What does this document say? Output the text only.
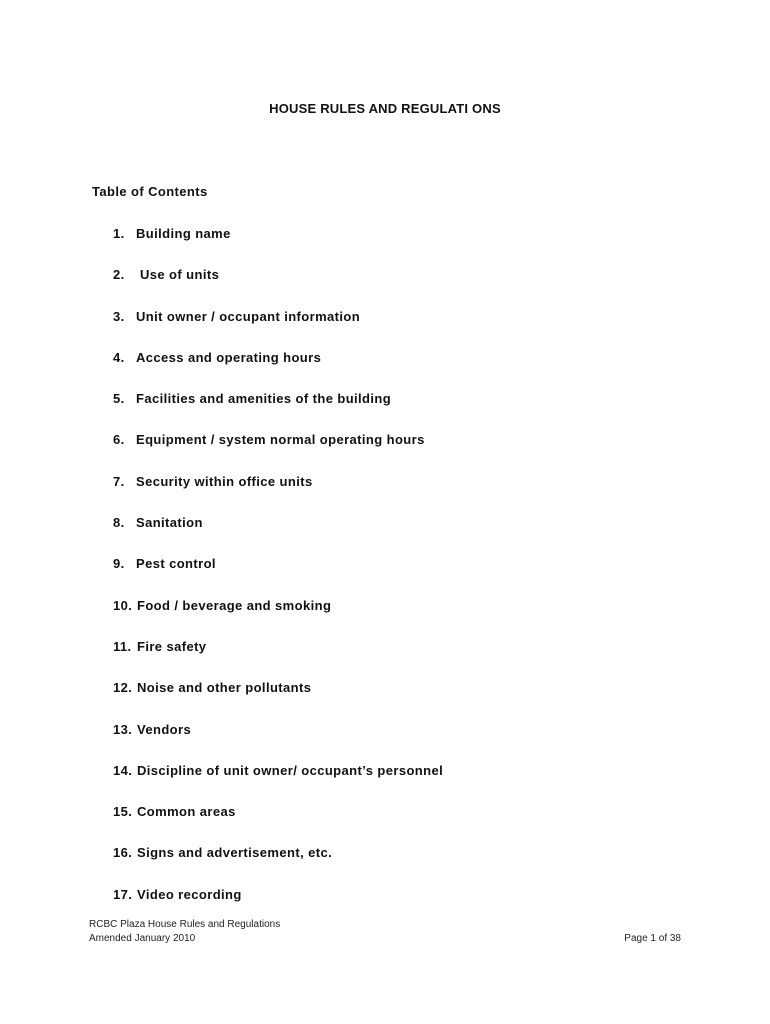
HOUSE RULES AND REGULATI ONS
Table of Contents
1. Building name
2. Use of units
3. Unit owner / occupant information
4. Access and operating hours
5. Facilities and amenities of the building
6. Equipment / system normal operating hours
7. Security within office units
8. Sanitation
9. Pest control
10. Food / beverage and smoking
11. Fire safety
12. Noise and other pollutants
13. Vendors
14. Discipline of unit owner/ occupant’s personnel
15. Common areas
16. Signs and advertisement, etc.
17. Video recording
RCBC Plaza House Rules and Regulations
Amended January 2010	Page 1 of 38
